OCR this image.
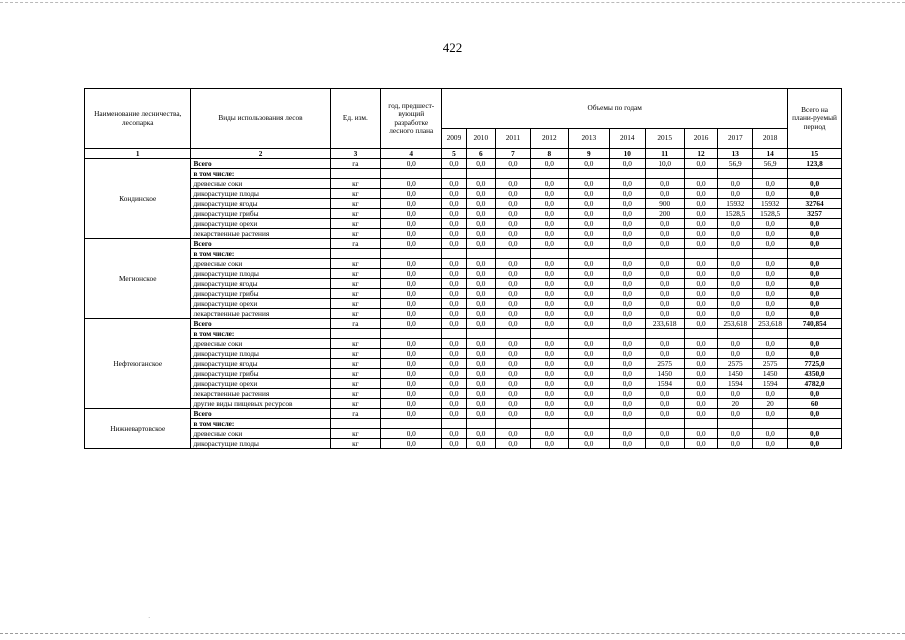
422
Наименование лесничества, лесопарка	Виды использования лесов	Ед. изм.	год, предшест-вующий разработке лесного плана	Объемы по годам										Всего на плани-руемый период
				2009	2010	2011	2012	2013	2014	2015	2016	2017	2018	
1	2	3	4	5	6	7	8	9	10	11	12	13	14	15
Кондинское	Всего	га	0,0	0,0	0,0	0,0	0,0	0,0	0,0	10,0	0,0	56,9	56,9	123,8
	в том числе:													
	древесные соки	кг	0,0	0,0	0,0	0,0	0,0	0,0	0,0	0,0	0,0	0,0	0,0	0,0
	дикорастущие плоды	кг	0,0	0,0	0,0	0,0	0,0	0,0	0,0	0,0	0,0	0,0	0,0	0,0
	дикорастущие ягоды	кг	0,0	0,0	0,0	0,0	0,0	0,0	0,0	900	0,0	15932	15932	32764
	дикорастущие грибы	кг	0,0	0,0	0,0	0,0	0,0	0,0	0,0	200	0,0	1528,5	1528,5	3257
	дикорастущие орехи	кг	0,0	0,0	0,0	0,0	0,0	0,0	0,0	0,0	0,0	0,0	0,0	0,0
	лекарственные растения	кг	0,0	0,0	0,0	0,0	0,0	0,0	0,0	0,0	0,0	0,0	0,0	0,0
Мегионское	Всего	га	0,0	0,0	0,0	0,0	0,0	0,0	0,0	0,0	0,0	0,0	0,0	0,0
	в том числе:													
	древесные соки	кг	0,0	0,0	0,0	0,0	0,0	0,0	0,0	0,0	0,0	0,0	0,0	0,0
	дикорастущие плоды	кг	0,0	0,0	0,0	0,0	0,0	0,0	0,0	0,0	0,0	0,0	0,0	0,0
	дикорастущие ягоды	кг	0,0	0,0	0,0	0,0	0,0	0,0	0,0	0,0	0,0	0,0	0,0	0,0
	дикорастущие грибы	кг	0,0	0,0	0,0	0,0	0,0	0,0	0,0	0,0	0,0	0,0	0,0	0,0
	дикорастущие орехи	кг	0,0	0,0	0,0	0,0	0,0	0,0	0,0	0,0	0,0	0,0	0,0	0,0
	лекарственные растения	кг	0,0	0,0	0,0	0,0	0,0	0,0	0,0	0,0	0,0	0,0	0,0	0,0
Нефтеюганское	Всего	га	0,0	0,0	0,0	0,0	0,0	0,0	0,0	233,618	0,0	253,618	253,618	740,854
	в том числе:													
	древесные соки	кг	0,0	0,0	0,0	0,0	0,0	0,0	0,0	0,0	0,0	0,0	0,0	0,0
	дикорастущие плоды	кг	0,0	0,0	0,0	0,0	0,0	0,0	0,0	0,0	0,0	0,0	0,0	0,0
	дикорастущие ягоды	кг	0,0	0,0	0,0	0,0	0,0	0,0	0,0	2575	0,0	2575	2575	7725,0
	дикорастущие грибы	кг	0,0	0,0	0,0	0,0	0,0	0,0	0,0	1450	0,0	1450	1450	4350,0
	дикорастущие орехи	кг	0,0	0,0	0,0	0,0	0,0	0,0	0,0	1594	0,0	1594	1594	4782,0
	лекарственные растения	кг	0,0	0,0	0,0	0,0	0,0	0,0	0,0	0,0	0,0	0,0	0,0	0,0
	другие виды пищевых ресурсов	кг	0,0	0,0	0,0	0,0	0,0	0,0	0,0	0,0	0,0	20	20	60
Нижневартовское	Всего	га	0,0	0,0	0,0	0,0	0,0	0,0	0,0	0,0	0,0	0,0	0,0	0,0
	в том числе:													
	древесные соки	кг	0,0	0,0	0,0	0,0	0,0	0,0	0,0	0,0	0,0	0,0	0,0	0,0
	дикорастущие плоды	кг	0,0	0,0	0,0	0,0	0,0	0,0	0,0	0,0	0,0	0,0	0,0	0,0
·
